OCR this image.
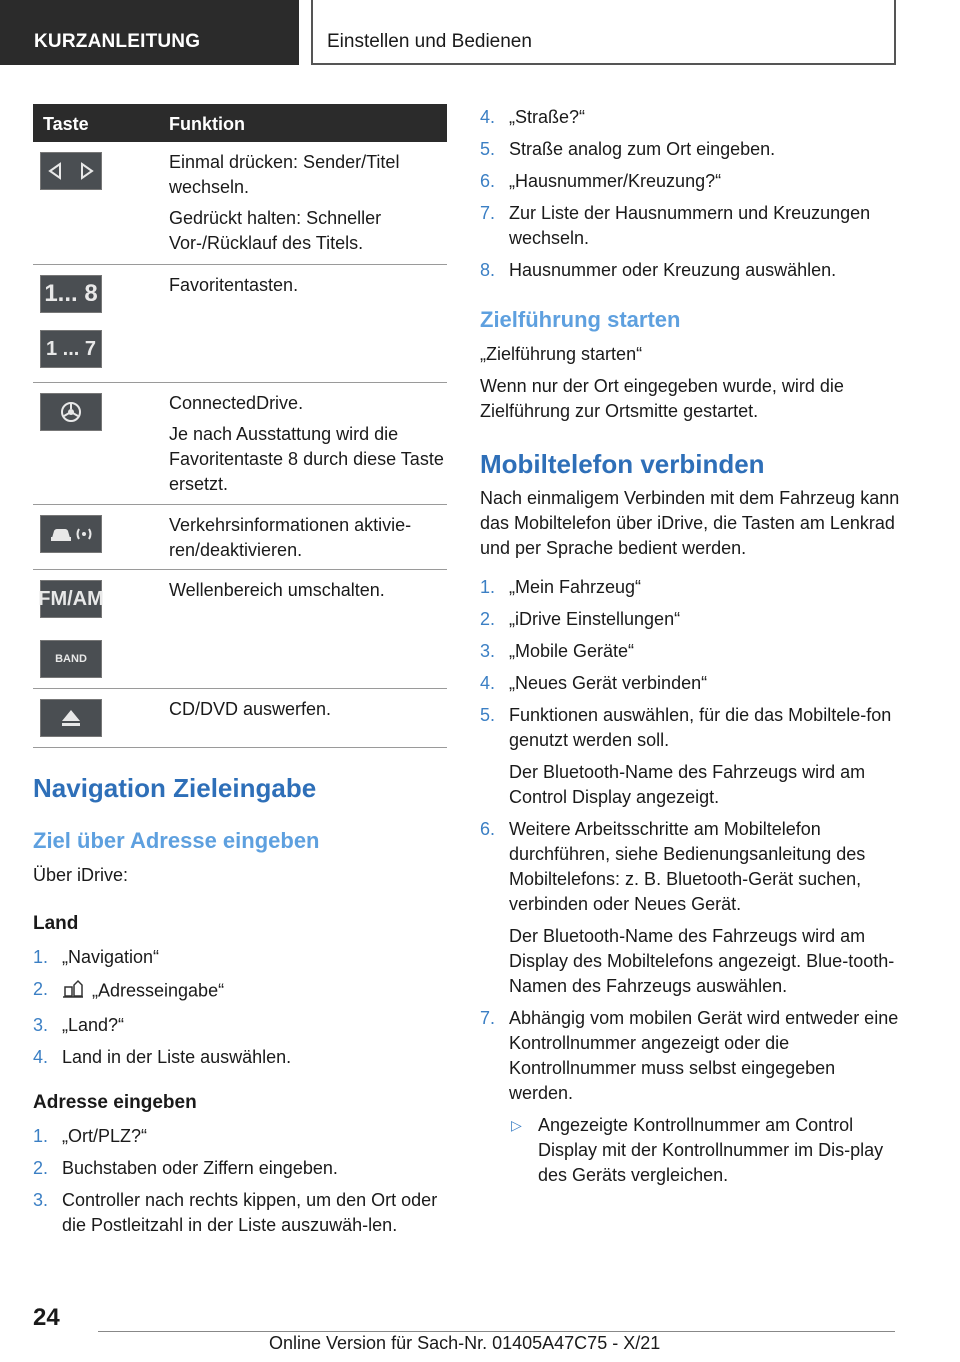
KURZANLEITUNG	Einstellen und Bedienen
Taste	Funktion

Einmal drücken: Sender/Titel wechseln.

Gedrückt halten: Schneller Vor-/Rücklauf des Titels.

1... 8
1 ... 7

Favoritentasten.

ConnectedDrive.

Je nach Ausstattung wird die Favoritentaste 8 durch diese Taste ersetzt.

Verkehrsinformationen aktivie-ren/deaktivieren.

FM/AM
BAND

Wellenbereich umschalten.

CD/DVD auswerfen.

Navigation Zieleingabe
Ziel über Adresse eingeben
Über iDrive:
Land
1. „Navigation“
2. „Adresseingabe“
3. „Land?“
4. Land in der Liste auswählen.
Adresse eingeben
1. „Ort/PLZ?“
2. Buchstaben oder Ziffern eingeben.
3. Controller nach rechts kippen, um den Ort oder die Postleitzahl in der Liste auszuwäh-len.
4. „Straße?“
5. Straße analog zum Ort eingeben.
6. „Hausnummer/Kreuzung?“
7. Zur Liste der Hausnummern und Kreuzungen wechseln.
8. Hausnummer oder Kreuzung auswählen.
Zielführung starten
„Zielführung starten“
Wenn nur der Ort eingegeben wurde, wird die Zielführung zur Ortsmitte gestartet.
Mobiltelefon verbinden
Nach einmaligem Verbinden mit dem Fahrzeug kann das Mobiltelefon über iDrive, die Tasten am Lenkrad und per Sprache bedient werden.
1. „Mein Fahrzeug“
2. „iDrive Einstellungen“
3. „Mobile Geräte“
4. „Neues Gerät verbinden“
5. Funktionen auswählen, für die das Mobiltele-fon genutzt werden soll.
Der Bluetooth-Name des Fahrzeugs wird am Control Display angezeigt.
6. Weitere Arbeitsschritte am Mobiltelefon durchführen, siehe Bedienungsanleitung des Mobiltelefons: z. B. Bluetooth-Gerät suchen, verbinden oder Neues Gerät.
Der Bluetooth-Name des Fahrzeugs wird am Display des Mobiltelefons angezeigt. Blue-tooth-Namen des Fahrzeugs auswählen.
7. Abhängig vom mobilen Gerät wird entweder eine Kontrollnummer angezeigt oder die Kontrollnummer muss selbst eingegeben werden.
▷ Angezeigte Kontrollnummer am Control Display mit der Kontrollnummer im Dis-play des Geräts vergleichen.
24
Online Version für Sach-Nr. 01405A47C75 - X/21
